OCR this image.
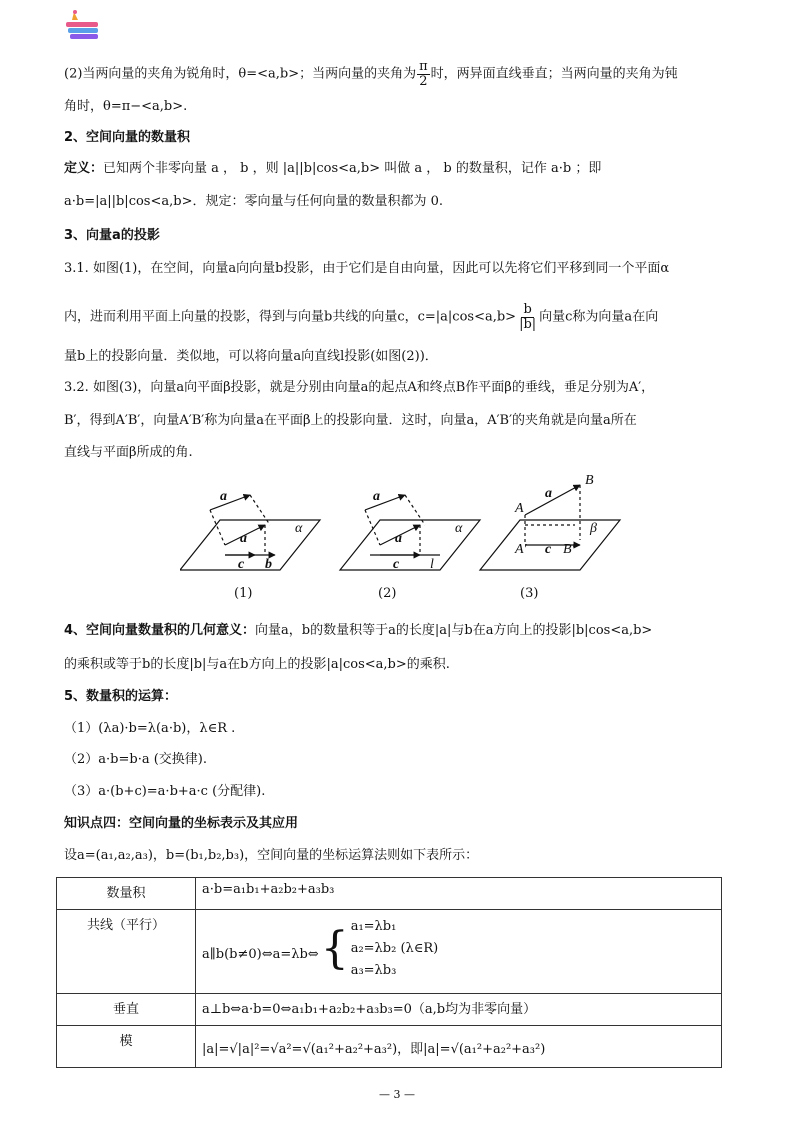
(2)当两向量的夹角为锐角时，θ=<a,b>；当两向量的夹角为 $\frac{\pi}{2}$ 时，两异面直线垂直；当两向量的夹角为钝
角时，θ=π−<a,b>.
2、空间向量的数量积
定义：已知两个非零向量 a ， b ，则 |a||b|cos<a,b> 叫做 a ， b 的数量积，记作 a·b ；即
a·b=|a||b|cos<a,b>．规定：零向量与任何向量的数量积都为 0.
3、向量a的投影
3.1. 如图(1)，在空间，向量a向向量b投影，由于它们是自由向量，因此可以先将它们平移到同一个平面α
内，进而利用平面上向量的投影，得到与向量b共线的向量c，$c=|a|\cos<a,b> \frac{b}{|b|}$ 向量c称为向量a在向
量b上的投影向量．类似地，可以将向量a向直线l投影(如图(2))．
3.2. 如图(3)，向量a向平面β投影，就是分别由向量a的起点A和终点B作平面β的垂线，垂足分别为A′，
B′，得到A′B′，向量A′B′称为向量a在平面β上的投影向量．这时，向量a，A′B′的夹角就是向量a所在
直线与平面β所成的角.
a
a
c b
α
a
a
c l
α
A
B
a
A′ c B′
β
(1)	(2)	(3)
4、空间向量数量积的几何意义：向量a，b的数量积等于a的长度|a|与b在a方向上的投影|b|cos<a,b>
的乘积或等于b的长度|b|与a在b方向上的投影|a|cos<a,b>的乘积.
5、数量积的运算：
（1）(λa)·b=λ(a·b)，λ∈R .
（2）a·b=b·a (交换律).
（3）a·(b+c)=a·b+a·c (分配律).
知识点四：空间向量的坐标表示及其应用
设a=(a₁,a₂,a₃)，b=(b₁,b₂,b₃)，空间向量的坐标运算法则如下表所示：
数量积	a·b=a₁b₁+a₂b₂+a₃b₃
共线（平行）	a∥b(b≠0)⇔a=λb⇔ { a₁=λb₁
a₂=λb₂ (λ∈R)
a₃=λb₃

垂直	a⊥b⇔a·b=0⇔a₁b₁+a₂b₂+a₃b₃=0（a,b均为非零向量）
模	|a|=√|a|²=√a²=√(a₁²+a₂²+a₃²)，即|a|=√(a₁²+a₂²+a₃²)
— 3 —
